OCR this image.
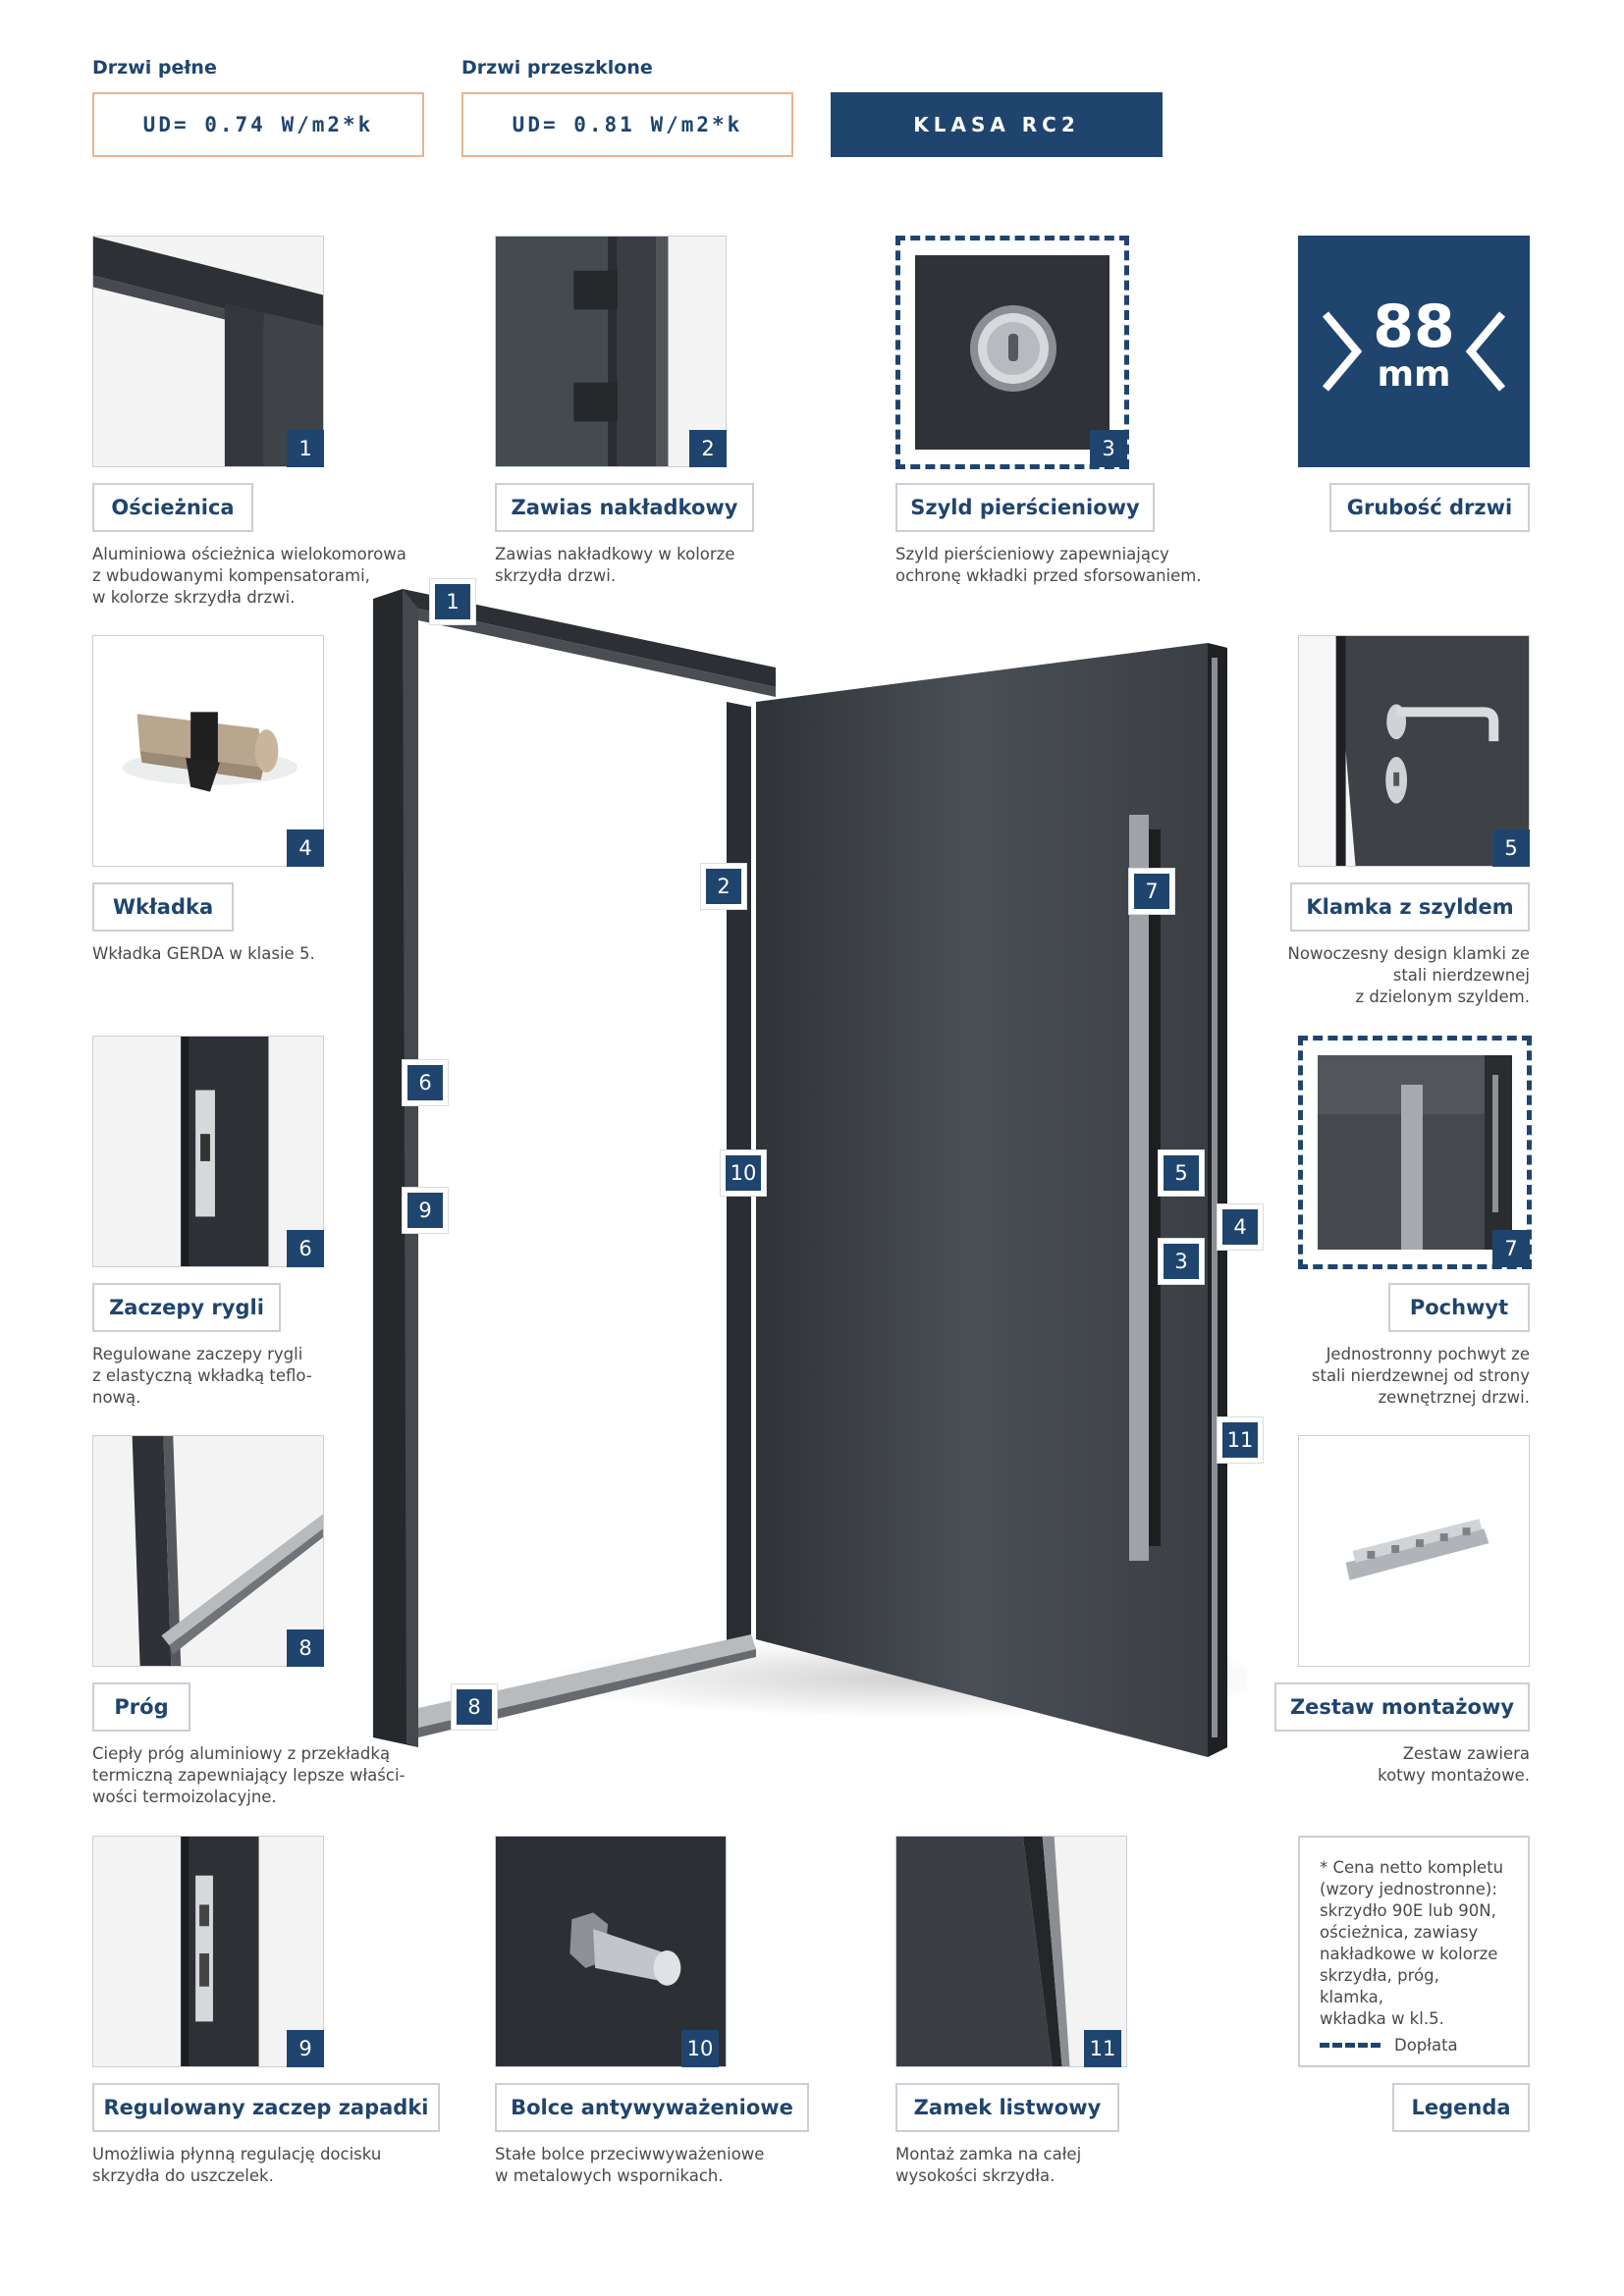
Drzwi pełne
UD= 0.74 W/m2*k
Drzwi przeszklone
UD= 0.81 W/m2*k	KLASA RC2
1
Ościeżnica
Aluminiowa ościeżnica wielokomorowa
z wbudowanymi kompensatorami,
w kolorze skrzydła drzwi.
2
Zawias nakładkowy
Zawias nakładkowy w kolorze
skrzydła drzwi.
3
Szyld pierścieniowy
Szyld pierścieniowy zapewniający
ochronę wkładki przed sforsowaniem.
88
mm
Grubość drzwi
4
Wkładka
Wkładka GERDA w klasie 5.
5
Klamka z szyldem
Nowoczesny design klamki ze
stali nierdzewnej
z dzielonym szyldem.
6
Zaczepy rygli
Regulowane zaczepy rygli
z elastyczną wkładką teflo-
nową.
7
Pochwyt
Jednostronny pochwyt ze
stali nierdzewnej od strony
zewnętrznej drzwi.
8
Próg
Ciepły próg aluminiowy z przekładką
termiczną zapewniający lepsze właści-
wości termoizolacyjne.
Zestaw montażowy
Zestaw zawiera
kotwy montażowe.
9
Regulowany zaczep zapadki
Umożliwia płynną regulację docisku
skrzydła do uszczelek.
10
Bolce antywyważeniowe
Stałe bolce przeciwwyważeniowe
w metalowych wspornikach.
11
Zamek listwowy
Montaż zamka na całej
wysokości skrzydła.
* Cena netto kompletu
(wzory jednostronne):
skrzydło 90E lub 90N,
ościeżnica, zawiasy
nakładkowe w kolorze
skrzydła, próg, klamka,
wkładka w kl.5.
Dopłata
Legenda
1
2	7
6
10	5
4
9
3
11
8
